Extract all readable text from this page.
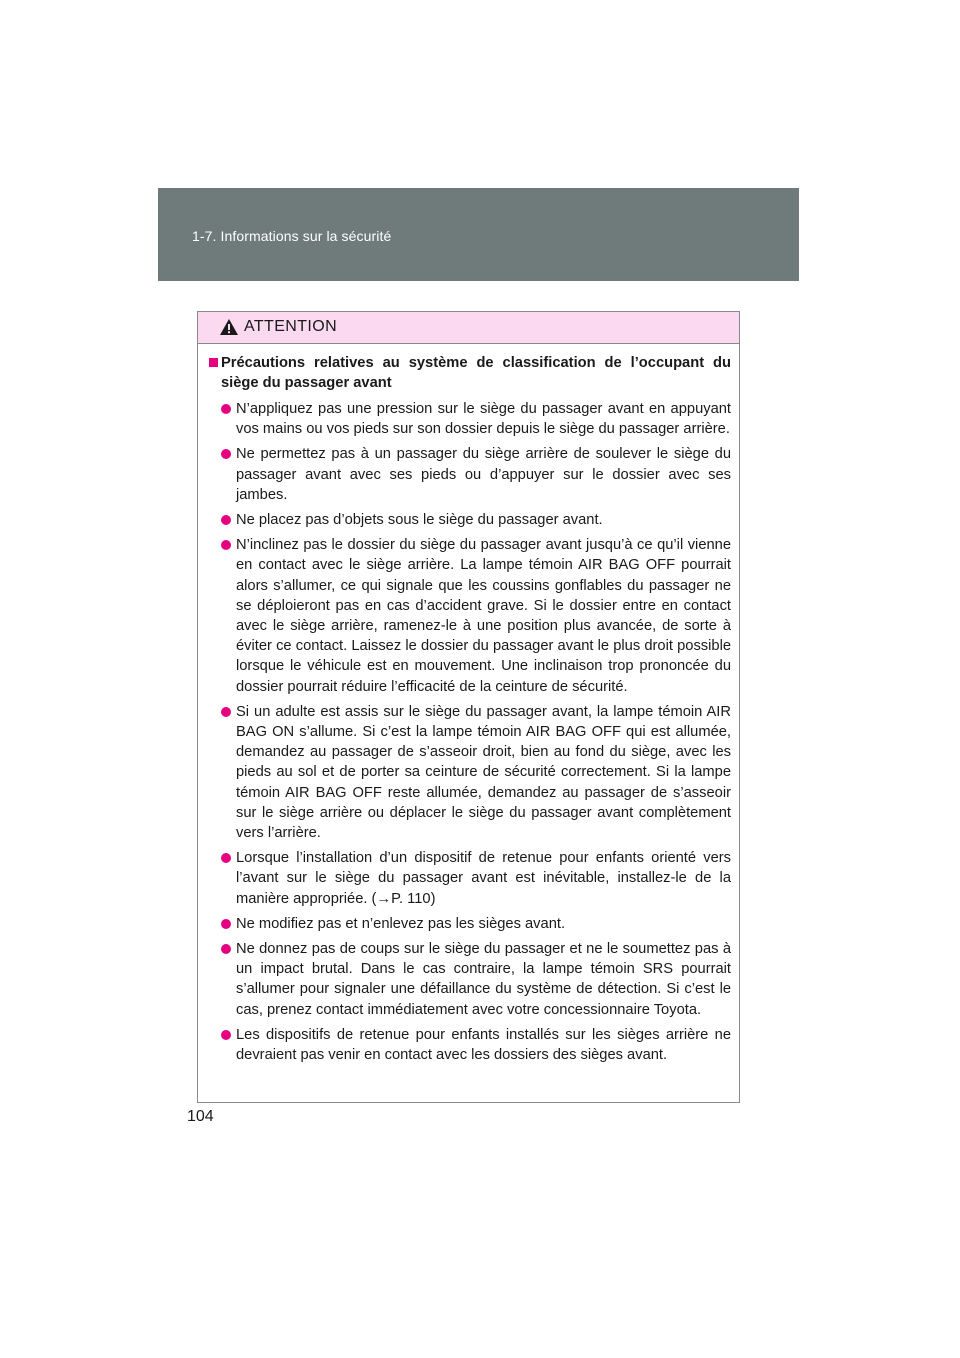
1-7. Informations sur la sécurité
ATTENTION
Précautions relatives au système de classification de l’occupant du siège du passager avant
N’appliquez pas une pression sur le siège du passager avant en appuyant vos mains ou vos pieds sur son dossier depuis le siège du passager arrière.
Ne permettez pas à un passager du siège arrière de soulever le siège du passager avant avec ses pieds ou d’appuyer sur le dossier avec ses jambes.
Ne placez pas d’objets sous le siège du passager avant.
N’inclinez pas le dossier du siège du passager avant jusqu’à ce qu’il vienne en contact avec le siège arrière. La lampe témoin AIR BAG OFF pourrait alors s’allumer, ce qui signale que les coussins gonflables du passager ne se déploieront pas en cas d’accident grave. Si le dossier entre en contact avec le siège arrière, ramenez-le à une position plus avancée, de sorte à éviter ce contact. Laissez le dossier du passager avant le plus droit possible lorsque le véhicule est en mouvement. Une inclinaison trop prononcée du dossier pourrait réduire l’efficacité de la ceinture de sécurité.
Si un adulte est assis sur le siège du passager avant, la lampe témoin AIR BAG ON s’allume. Si c’est la lampe témoin AIR BAG OFF qui est allumée, demandez au passager de s’asseoir droit, bien au fond du siège, avec les pieds au sol et de porter sa ceinture de sécurité correctement. Si la lampe témoin AIR BAG OFF reste allumée, demandez au passager de s’asseoir sur le siège arrière ou déplacer le siège du passager avant complètement vers l’arrière.
Lorsque l’installation d’un dispositif de retenue pour enfants orienté vers l’avant sur le siège du passager avant est inévitable, installez-le de la manière appropriée. (→P. 110)
Ne modifiez pas et n’enlevez pas les sièges avant.
Ne donnez pas de coups sur le siège du passager et ne le soumettez pas à un impact brutal. Dans le cas contraire, la lampe témoin SRS pourrait s’allumer pour signaler une défaillance du système de détection. Si c’est le cas, prenez contact immédiatement avec votre concessionnaire Toyota.
Les dispositifs de retenue pour enfants installés sur les sièges arrière ne devraient pas venir en contact avec les dossiers des sièges avant.
104
